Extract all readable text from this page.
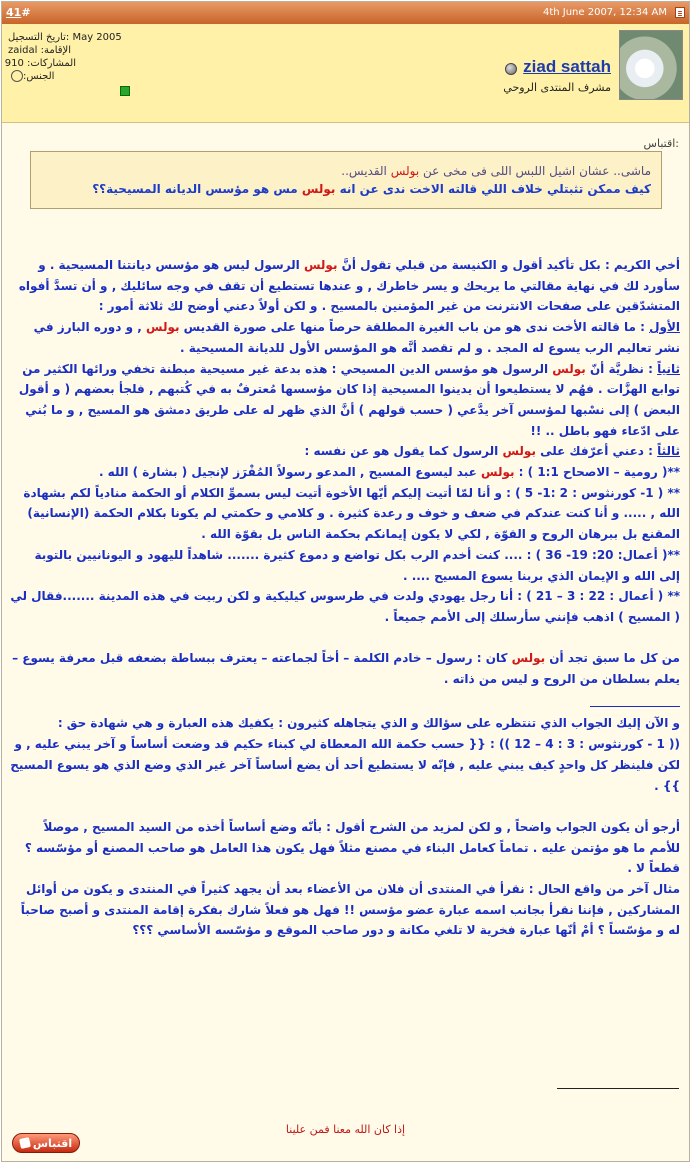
41#	4th June 2007, 12:34 AM
ziad sattah
مشرف المنتدى الروحي
تاريخ التسجيل: May 2005
الإقامة: zaidal
المشاركات: 910
الجنس:
اقتباس:
ماشى.. عشان اشيل اللبس اللى فى مخى عن بولس القديس..
كيف ممكن تثبتلي خلاف اللي قالته الاخت ندى عن انه بولس مس هو مؤسس الديانه المسيحية؟؟

أخي الكريم : بكل تأكيد أقول و الكنيسة من قبلي تقول أنَّ بولس الرسول ليس هو مؤسس ديانتنا المسيحية . و سأورد لك في نهاية مقالتي ما يريحك و يسر خاطرك , و عندها تستطيع أن تقف في وجه سائليك , و أن تسدَّ أفواه المتشدّقين على صفحات الانترنت من غير المؤمنين بالمسيح . و لكن أولاً دعني أوضح لك ثلاثة أمور :

الأول : ما قالته الأخت ندى هو من باب الغيرة المطلقة حرصاً منها على صورة القديس بولس , و دوره البارز في نشر تعاليم الرب يسوع له المجد . و لم تقصد أنَّه هو المؤسس الأول للديانة المسيحية .

ثانياً : نظريَّة أنّ بولس الرسول هو مؤسس الدين المسيحي : هذه بدعة غير مسيحية مبطنة تخفي ورائها الكثير من توابع الهزَّات . فهُم لا يستطيعوا أن يدينوا المسيحية إذا كان مؤسسها مُعترفٌ به في كُتبهم , فلجأ بعضهم ( و أقول البعض ) إلى نسْبها لمؤسس آخر يدَّعي ( حسب قولهم ) أنَّ الذي ظهر له على طريق دمشق هو المسيح , و ما بُني على ادّعاء فهو باطل .. !!

ثالثاً : دعني أعرّفك على بولس الرسول كما يقول هو عن نفسه :

**( رومية – الاصحاح 1:1 ) : بولس عبد ليسوع المسيح , المدعو رسولاً المُفْرَز لإنجيل ( بشارة ) الله .

** ( 1- كورنثوس : 2 :1- 5 ) : و أنا لمّا أتيت إليكم أيّها الأخوة أتيت ليس بسموِّ الكلام أو الحكمة منادياً لكم بشهادة الله , ..... و أنا كنت عندكم في ضعف و خوف و رعدة كثيرة . و كلامي و حكمتي لم يكونا بكلام الحكمة (الإنسانية) المقنع بل ببرهان الروح و القوّة , لكي لا يكون إيمانكم بحكمة الناس بل بقوّة الله .

**( أعمال: 20: 19- 36 ) : .... كنت أخدم الرب بكل تواضع و دموع كثيرة ....... شاهداً لليهود و اليونانيين بالتوبة إلى الله و الإيمان الذي بربنا يسوع المسيح .... .

** ( أعمال : 22 : 3 – 21 ) : أنا رجل يهودي ولدت في طرسوس كيليكية و لكن ربيت في هذه المدينة .......فقال لي ( المسيح ) اذهب فإنني سأرسلك إلى الأمم جميعاً .

من كل ما سبق تجد أن بولس كان : رسول – خادم الكلمة – أخاً لجماعته – يعترف ببساطة بضعفه قبل معرفة يسوع – يعلم بسلطان من الروح و ليس من ذاته .

و الآن إليك الجواب الذي تنتظره على سؤالك و الذي يتجاهله كثيرون : يكفيك هذه العبارة و هي شهادة حق :

(( 1 - كورنثوس : 3 : 4 – 12 )) : {{ حسب حكمة الله المعطاة لي كبناء حكيم قد وضعت أساساً و آخر يبني عليه , و لكن فلينظر كل واحدٍ كيف يبني عليه , فإنّه لا يستطيع أحد أن يضع أساساً آخر غير الذي وضع الذي هو يسوع المسيح }} .

أرجو أن يكون الجواب واضحاً , و لكن لمزيد من الشرح أقول : بأنّه وضع أساساً أخذه من السيد المسيح , موصلاً للأمم ما هو مؤتمن عليه . تماماً كعامل البناء في مصنع مثلاً فهل يكون هذا العامل هو صاحب المصنع أو مؤسّسه ؟ قطعاً لا .

مثال آخر من واقع الحال : نقرأ في المنتدى أن فلان من الأعضاء بعد أن يجهد كثيراً في المنتدى و يكون من أوائل المشاركين , فإننا نقرأ بجانب اسمه عبارة عضو مؤسس !! فهل هو فعلاً شارك بفكرة إقامة المنتدى و أصبح صاحباً له و مؤسّساً ؟ أمْ أنّها عبارة فخرية لا تلغي مكانة و دور صاحب الموقع و مؤسّسه الأساسي ؟؟؟

إذا كان الله معنا فمن علينا
اقتباس
